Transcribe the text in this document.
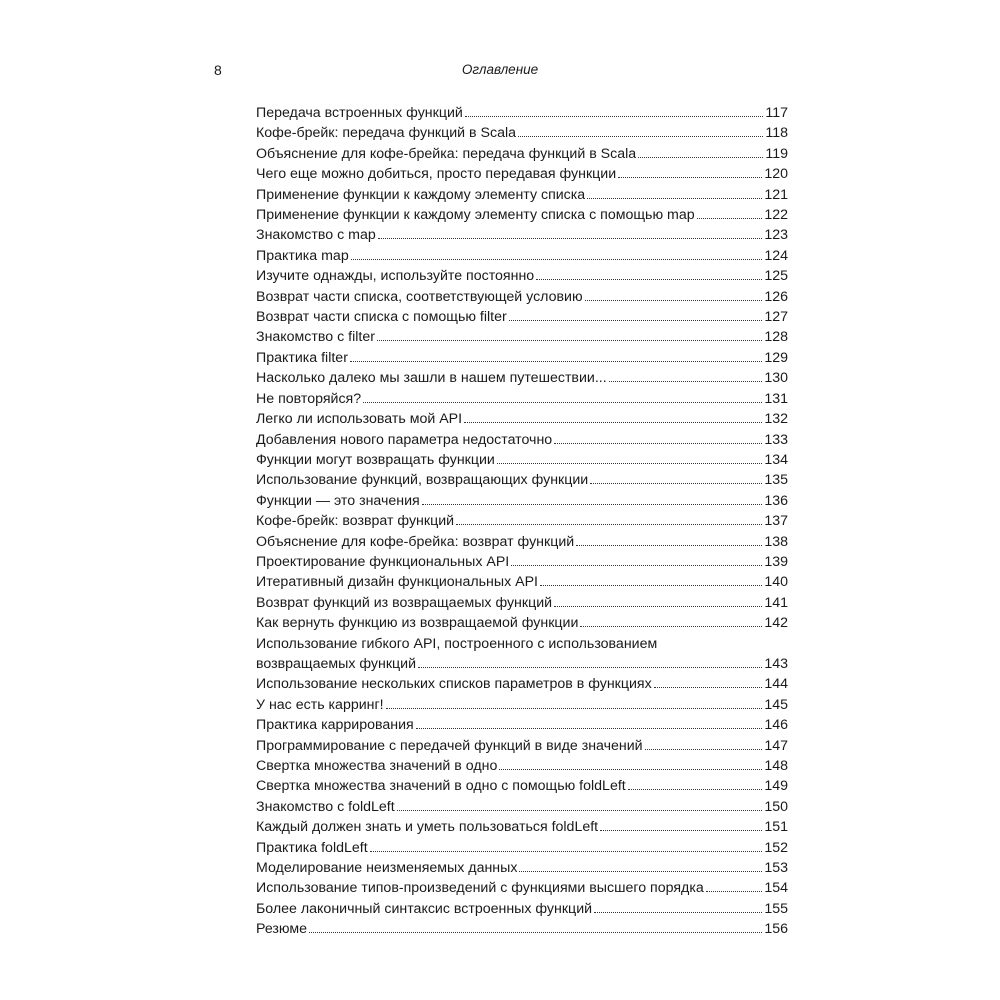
8	Оглавление
Передача встроенных функций	117
Кофе-брейк: передача функций в Scala	118
Объяснение для кофе-брейка: передача функций в Scala	119
Чего еще можно добиться, просто передавая функции	120
Применение функции к каждому элементу списка	121
Применение функции к каждому элементу списка с помощью map	122
Знакомство с map	123
Практика map	124
Изучите однажды, используйте постоянно	125
Возврат части списка, соответствующей условию	126
Возврат части списка с помощью filter	127
Знакомство с filter	128
Практика filter	129
Насколько далеко мы зашли в нашем путешествии...	130
Не повторяйся?	131
Легко ли использовать мой API	132
Добавления нового параметра недостаточно	133
Функции могут возвращать функции	134
Использование функций, возвращающих функции	135
Функции — это значения	136
Кофе-брейк: возврат функций	137
Объяснение для кофе-брейка: возврат функций	138
Проектирование функциональных API	139
Итеративный дизайн функциональных API	140
Возврат функций из возвращаемых функций	141
Как вернуть функцию из возвращаемой функции	142
Использование гибкого API, построенного с использованием
возвращаемых функций	143
Использование нескольких списков параметров в функциях	144
У нас есть карринг!	145
Практика каррирования	146
Программирование с передачей функций в виде значений	147
Свертка множества значений в одно	148
Свертка множества значений в одно с помощью foldLeft	149
Знакомство с foldLeft	150
Каждый должен знать и уметь пользоваться foldLeft	151
Практика foldLeft	152
Моделирование неизменяемых данных	153
Использование типов-произведений с функциями высшего порядка	154
Более лаконичный синтаксис встроенных функций	155
Резюме	156
